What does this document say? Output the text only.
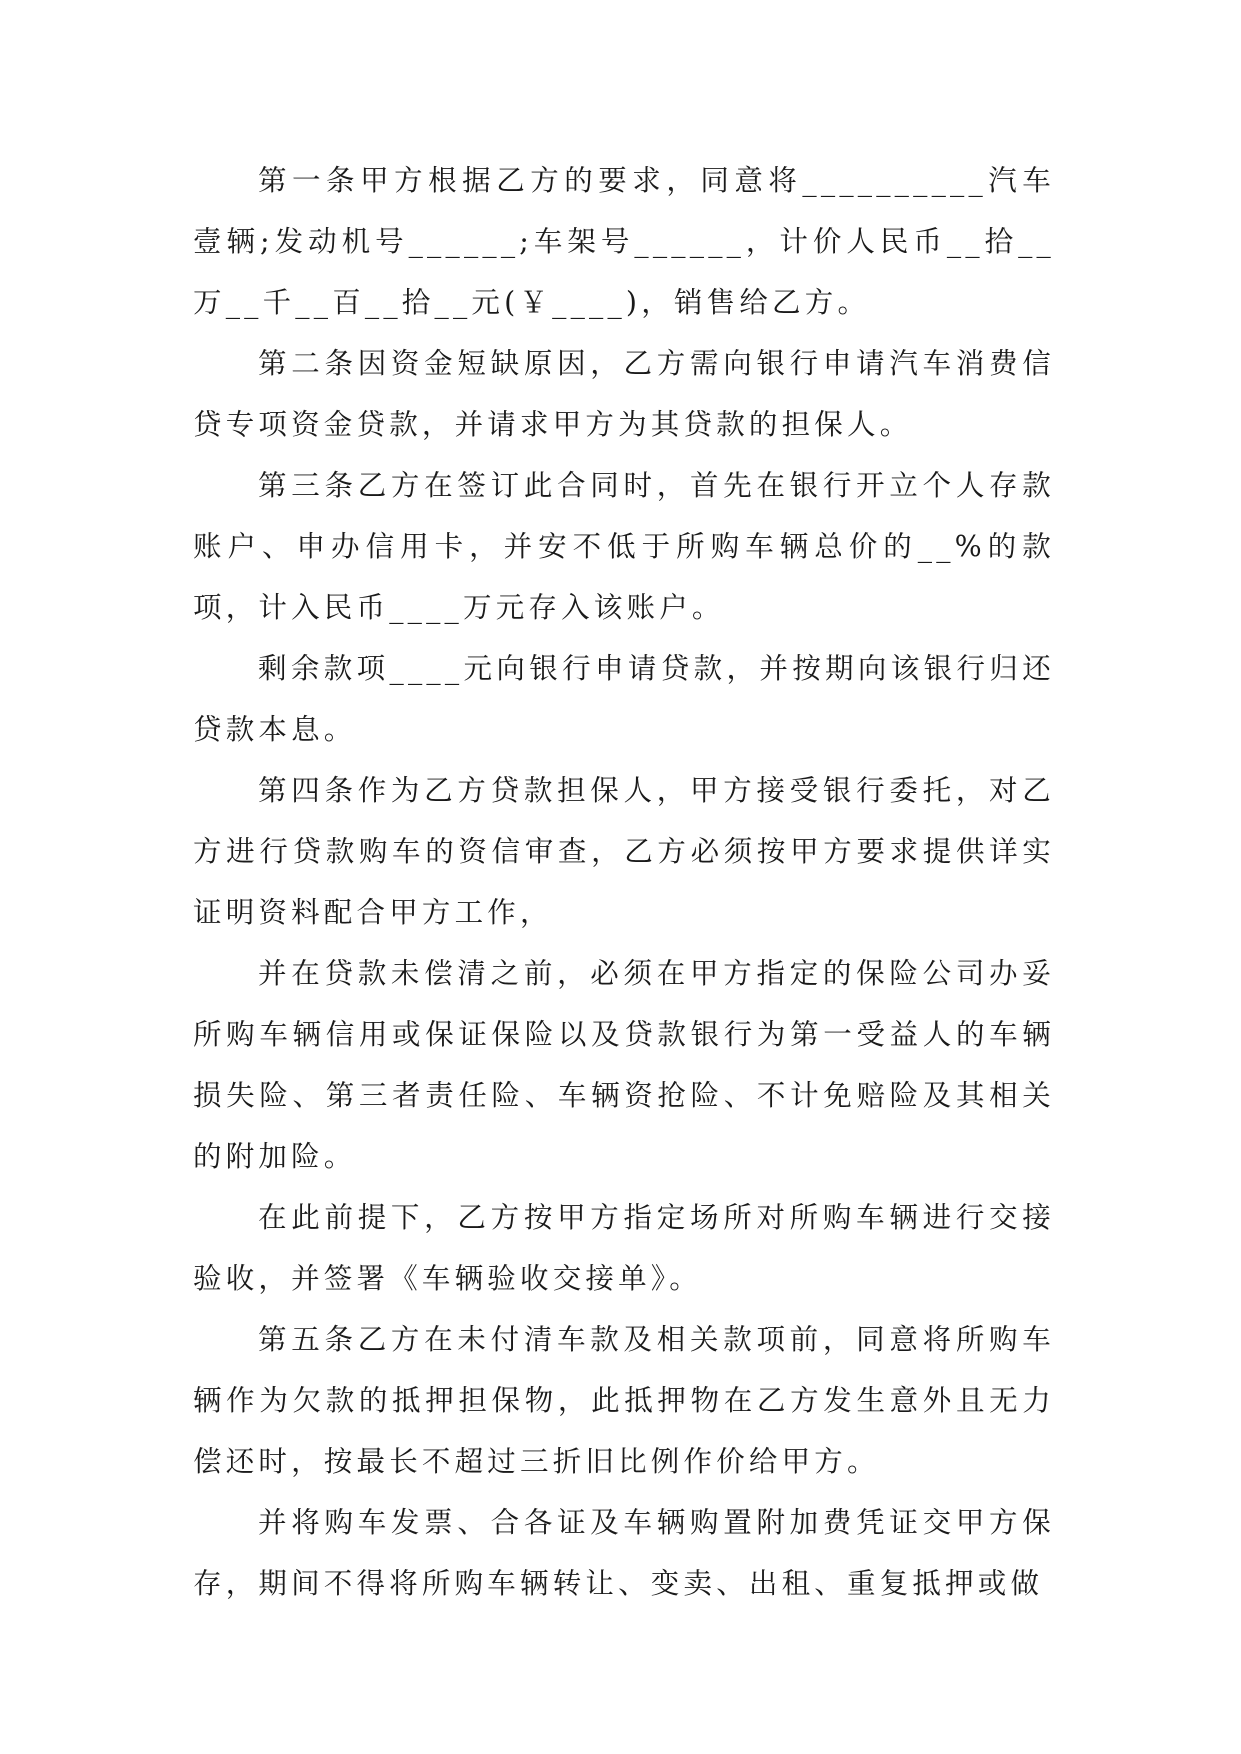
第一条甲方根据乙方的要求，同意将__________汽车壹辆;发动机号______;车架号______，计价人民币__拾__万__千__百__拾__元(￥____)，销售给乙方。

第二条因资金短缺原因，乙方需向银行申请汽车消费信贷专项资金贷款，并请求甲方为其贷款的担保人。

第三条乙方在签订此合同时，首先在银行开立个人存款账户、申办信用卡，并安不低于所购车辆总价的__%的款项，计入民币____万元存入该账户。

剩余款项____元向银行申请贷款，并按期向该银行归还贷款本息。

第四条作为乙方贷款担保人，甲方接受银行委托，对乙方进行贷款购车的资信审查，乙方必须按甲方要求提供详实证明资料配合甲方工作，

并在贷款未偿清之前，必须在甲方指定的保险公司办妥所购车辆信用或保证保险以及贷款银行为第一受益人的车辆损失险、第三者责任险、车辆资抢险、不计免赔险及其相关的附加险。

在此前提下，乙方按甲方指定场所对所购车辆进行交接验收，并签署《车辆验收交接单》。

第五条乙方在未付清车款及相关款项前，同意将所购车辆作为欠款的抵押担保物，此抵押物在乙方发生意外且无力偿还时，按最长不超过三折旧比例作价给甲方。

并将购车发票、合各证及车辆购置附加费凭证交甲方保存，期间不得将所购车辆转让、变卖、出租、重复抵押或做
